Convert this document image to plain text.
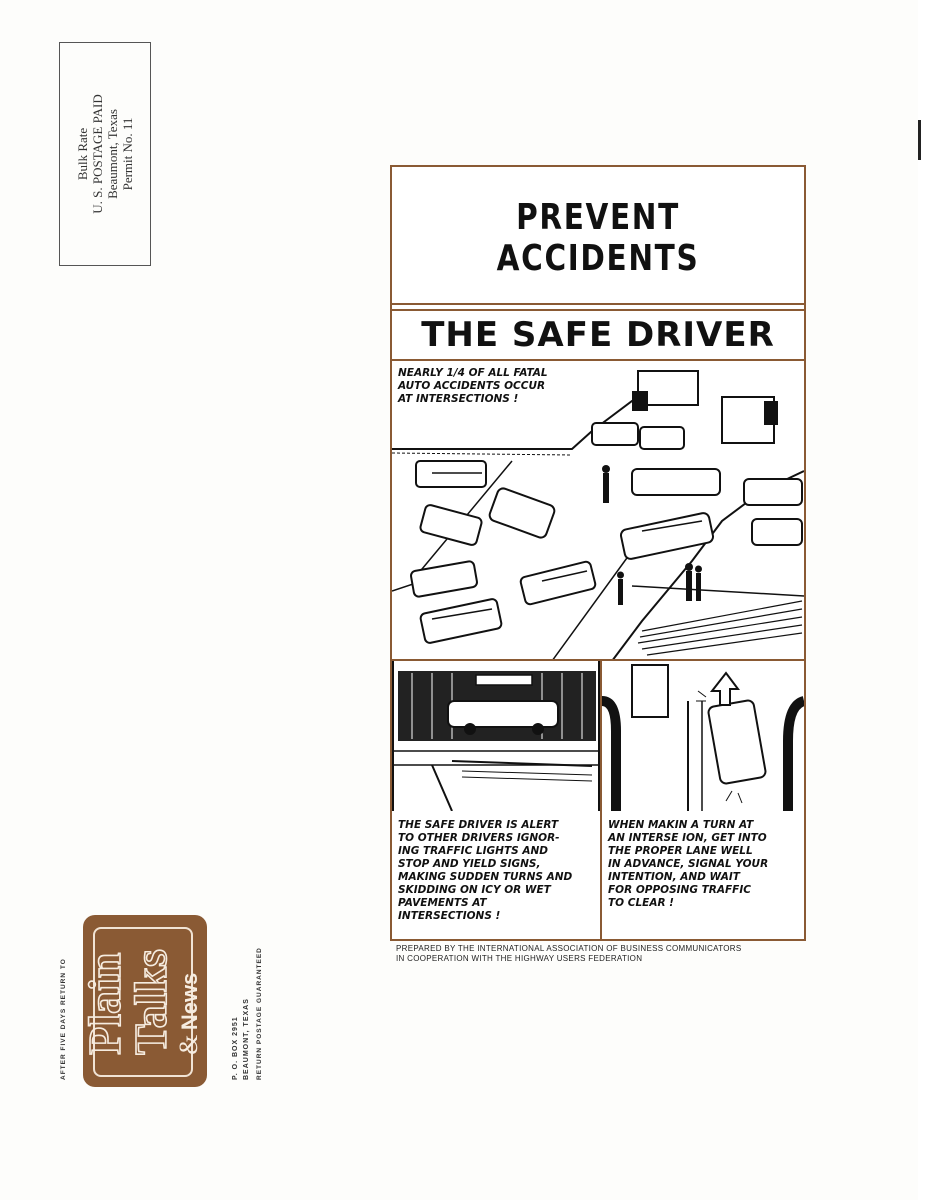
Bulk Rate U. S. POSTAGE PAID Beaumont, Texas Permit No. 11
PREVENT ACCIDENTS
THE SAFE DRIVER
NEARLY 1/4 OF ALL FATAL
AUTO ACCIDENTS OCCUR
AT INTERSECTIONS !
THE SAFE DRIVER IS ALERT
TO OTHER DRIVERS IGNOR-
ING TRAFFIC LIGHTS AND
STOP AND YIELD SIGNS,
MAKING SUDDEN TURNS AND
SKIDDING ON ICY OR WET
PAVEMENTS AT
INTERSECTIONS !
WHEN MAKIN A TURN AT
AN INTERSE ION, GET INTO
THE PROPER LANE WELL
IN ADVANCE, SIGNAL YOUR
INTENTION, AND WAIT
FOR OPPOSING TRAFFIC
TO CLEAR !
PREPARED BY THE INTERNATIONAL ASSOCIATION OF BUSINESS COMMUNICATORS
IN COOPERATION WITH THE HIGHWAY USERS FEDERATION
AFTER FIVE DAYS RETURN TO Plain
Talks
& News
P. O. BOX 2951 BEAUMONT, TEXAS RETURN POSTAGE GUARANTEED
